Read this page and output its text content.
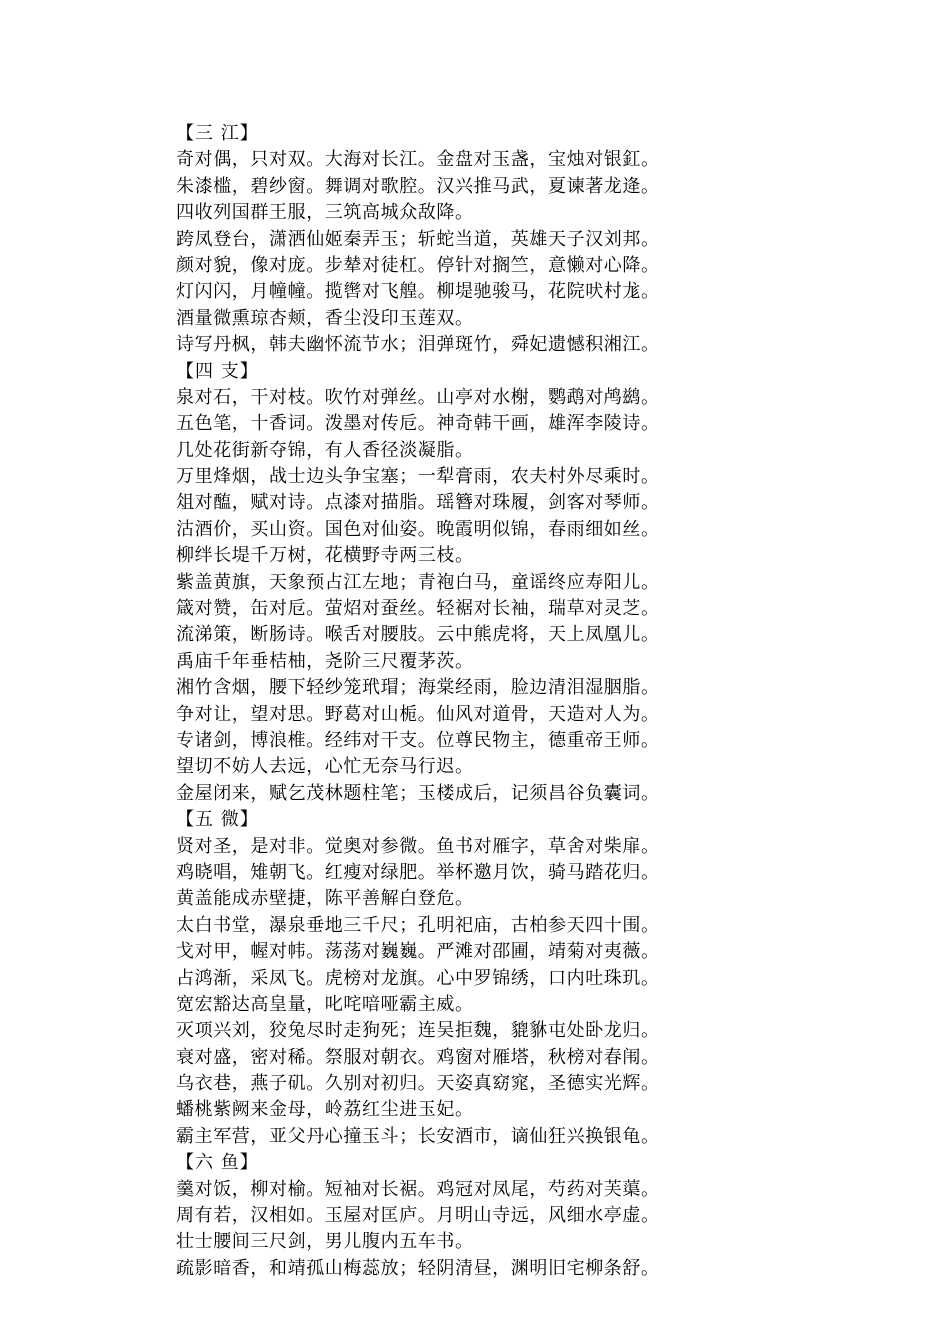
【三 江】
奇对偶，只对双。大海对长江。金盘对玉盏，宝烛对银釭。
朱漆槛，碧纱窗。舞调对歌腔。汉兴推马武，夏谏著龙逄。
四收列国群王服，三筑高城众敌降。
跨凤登台，潇洒仙姬秦弄玉；斩蛇当道，英雄天子汉刘邦。
颜对貌，像对庞。步辇对徒杠。停针对搁竺，意懒对心降。
灯闪闪，月幢幢。揽辔对飞艎。柳堤驰骏马，花院吠村尨。
酒量微熏琼杏颊，香尘没印玉莲双。
诗写丹枫，韩夫幽怀流节水；泪弹斑竹，舜妃遗憾积湘江。
【四 支】
泉对石，干对枝。吹竹对弹丝。山亭对水榭，鹦鹉对鸬鹚。
五色笔，十香词。泼墨对传卮。神奇韩干画，雄浑李陵诗。
几处花街新夺锦，有人香径淡凝脂。
万里烽烟，战士边头争宝塞；一犁膏雨，农夫村外尽乘时。
俎对醢，赋对诗。点漆对描脂。瑶簪对珠履，剑客对琴师。
沽酒价，买山资。国色对仙姿。晚霞明似锦，春雨细如丝。
柳绊长堤千万树，花横野寺两三枝。
紫盖黄旗，天象预占江左地；青袍白马，童谣终应寿阳儿。
箴对赞，缶对卮。萤炤对蚕丝。轻裾对长袖，瑞草对灵芝。
流涕策，断肠诗。喉舌对腰肢。云中熊虎将，天上凤凰儿。
禹庙千年垂桔柚，尧阶三尺覆茅茨。
湘竹含烟，腰下轻纱笼玳瑁；海棠经雨，脸边清泪湿胭脂。
争对让，望对思。野葛对山栀。仙风对道骨，天造对人为。
专诸剑，博浪椎。经纬对干支。位尊民物主，德重帝王师。
望切不妨人去远，心忙无奈马行迟。
金屋闭来，赋乞茂林题柱笔；玉楼成后，记须昌谷负囊词。
【五 微】
贤对圣，是对非。觉奥对参微。鱼书对雁字，草舍对柴扉。
鸡晓唱，雉朝飞。红瘦对绿肥。举杯邀月饮，骑马踏花归。
黄盖能成赤壁捷，陈平善解白登危。
太白书堂，瀑泉垂地三千尺；孔明祀庙，古柏参天四十围。
戈对甲，幄对帏。荡荡对巍巍。严滩对邵圃，靖菊对夷薇。
占鸿渐，采凤飞。虎榜对龙旗。心中罗锦绣，口内吐珠玑。
宽宏豁达高皇量，叱咤喑哑霸主威。
灭项兴刘，狡兔尽时走狗死；连吴拒魏，貔貅屯处卧龙归。
衰对盛，密对稀。祭服对朝衣。鸡窗对雁塔，秋榜对春闱。
乌衣巷，燕子矶。久别对初归。天姿真窈窕，圣德实光辉。
蟠桃紫阙来金母，岭荔红尘进玉妃。
霸主军营，亚父丹心撞玉斗；长安酒市，谪仙狂兴换银龟。
【六 鱼】
羹对饭，柳对榆。短袖对长裾。鸡冠对凤尾，芍药对芙蕖。
周有若，汉相如。玉屋对匡庐。月明山寺远，风细水亭虚。
壮士腰间三尺剑，男儿腹内五车书。
疏影暗香，和靖孤山梅蕊放；轻阴清昼，渊明旧宅柳条舒。
